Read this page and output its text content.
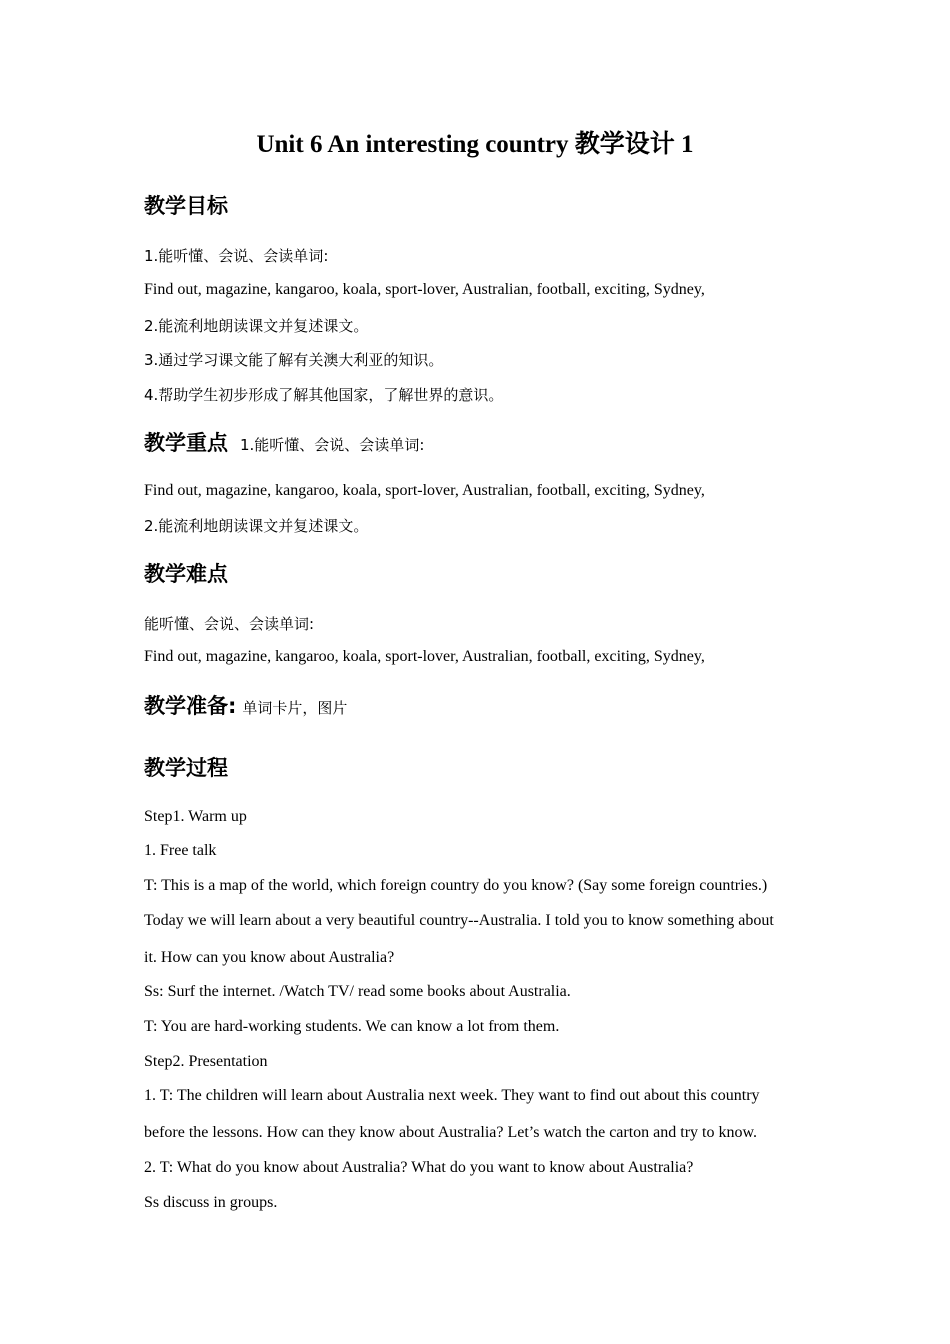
Unit 6 An interesting country 教学设计 1
教学目标
1.能听懂、会说、会读单词:
Find out, magazine, kangaroo, koala, sport-lover, Australian, football, exciting, Sydney,
2.能流利地朗读课文并复述课文。
3.通过学习课文能了解有关澳大利亚的知识。
4.帮助学生初步形成了解其他国家，了解世界的意识。
教学重点 1.能听懂、会说、会读单词:
Find out, magazine, kangaroo, koala, sport-lover, Australian, football, exciting, Sydney,
2.能流利地朗读课文并复述课文。
教学难点
能听懂、会说、会读单词:
Find out, magazine, kangaroo, koala, sport-lover, Australian, football, exciting, Sydney,
教学准备: 单词卡片，图片
教学过程
Step1. Warm up
1. Free talk
T: This is a map of the world, which foreign country do you know? (Say some foreign countries.)
Today we will learn about a very beautiful country--Australia. I told you to know something about
it. How can you know about Australia?
Ss: Surf the internet. /Watch TV/ read some books about Australia.
T: You are hard-working students. We can know a lot from them.
Step2. Presentation
1. T: The children will learn about Australia next week. They want to find out about this country
before the lessons. How can they know about Australia? Let’s watch the carton and try to know.
2. T: What do you know about Australia? What do you want to know about Australia?
Ss discuss in groups.
